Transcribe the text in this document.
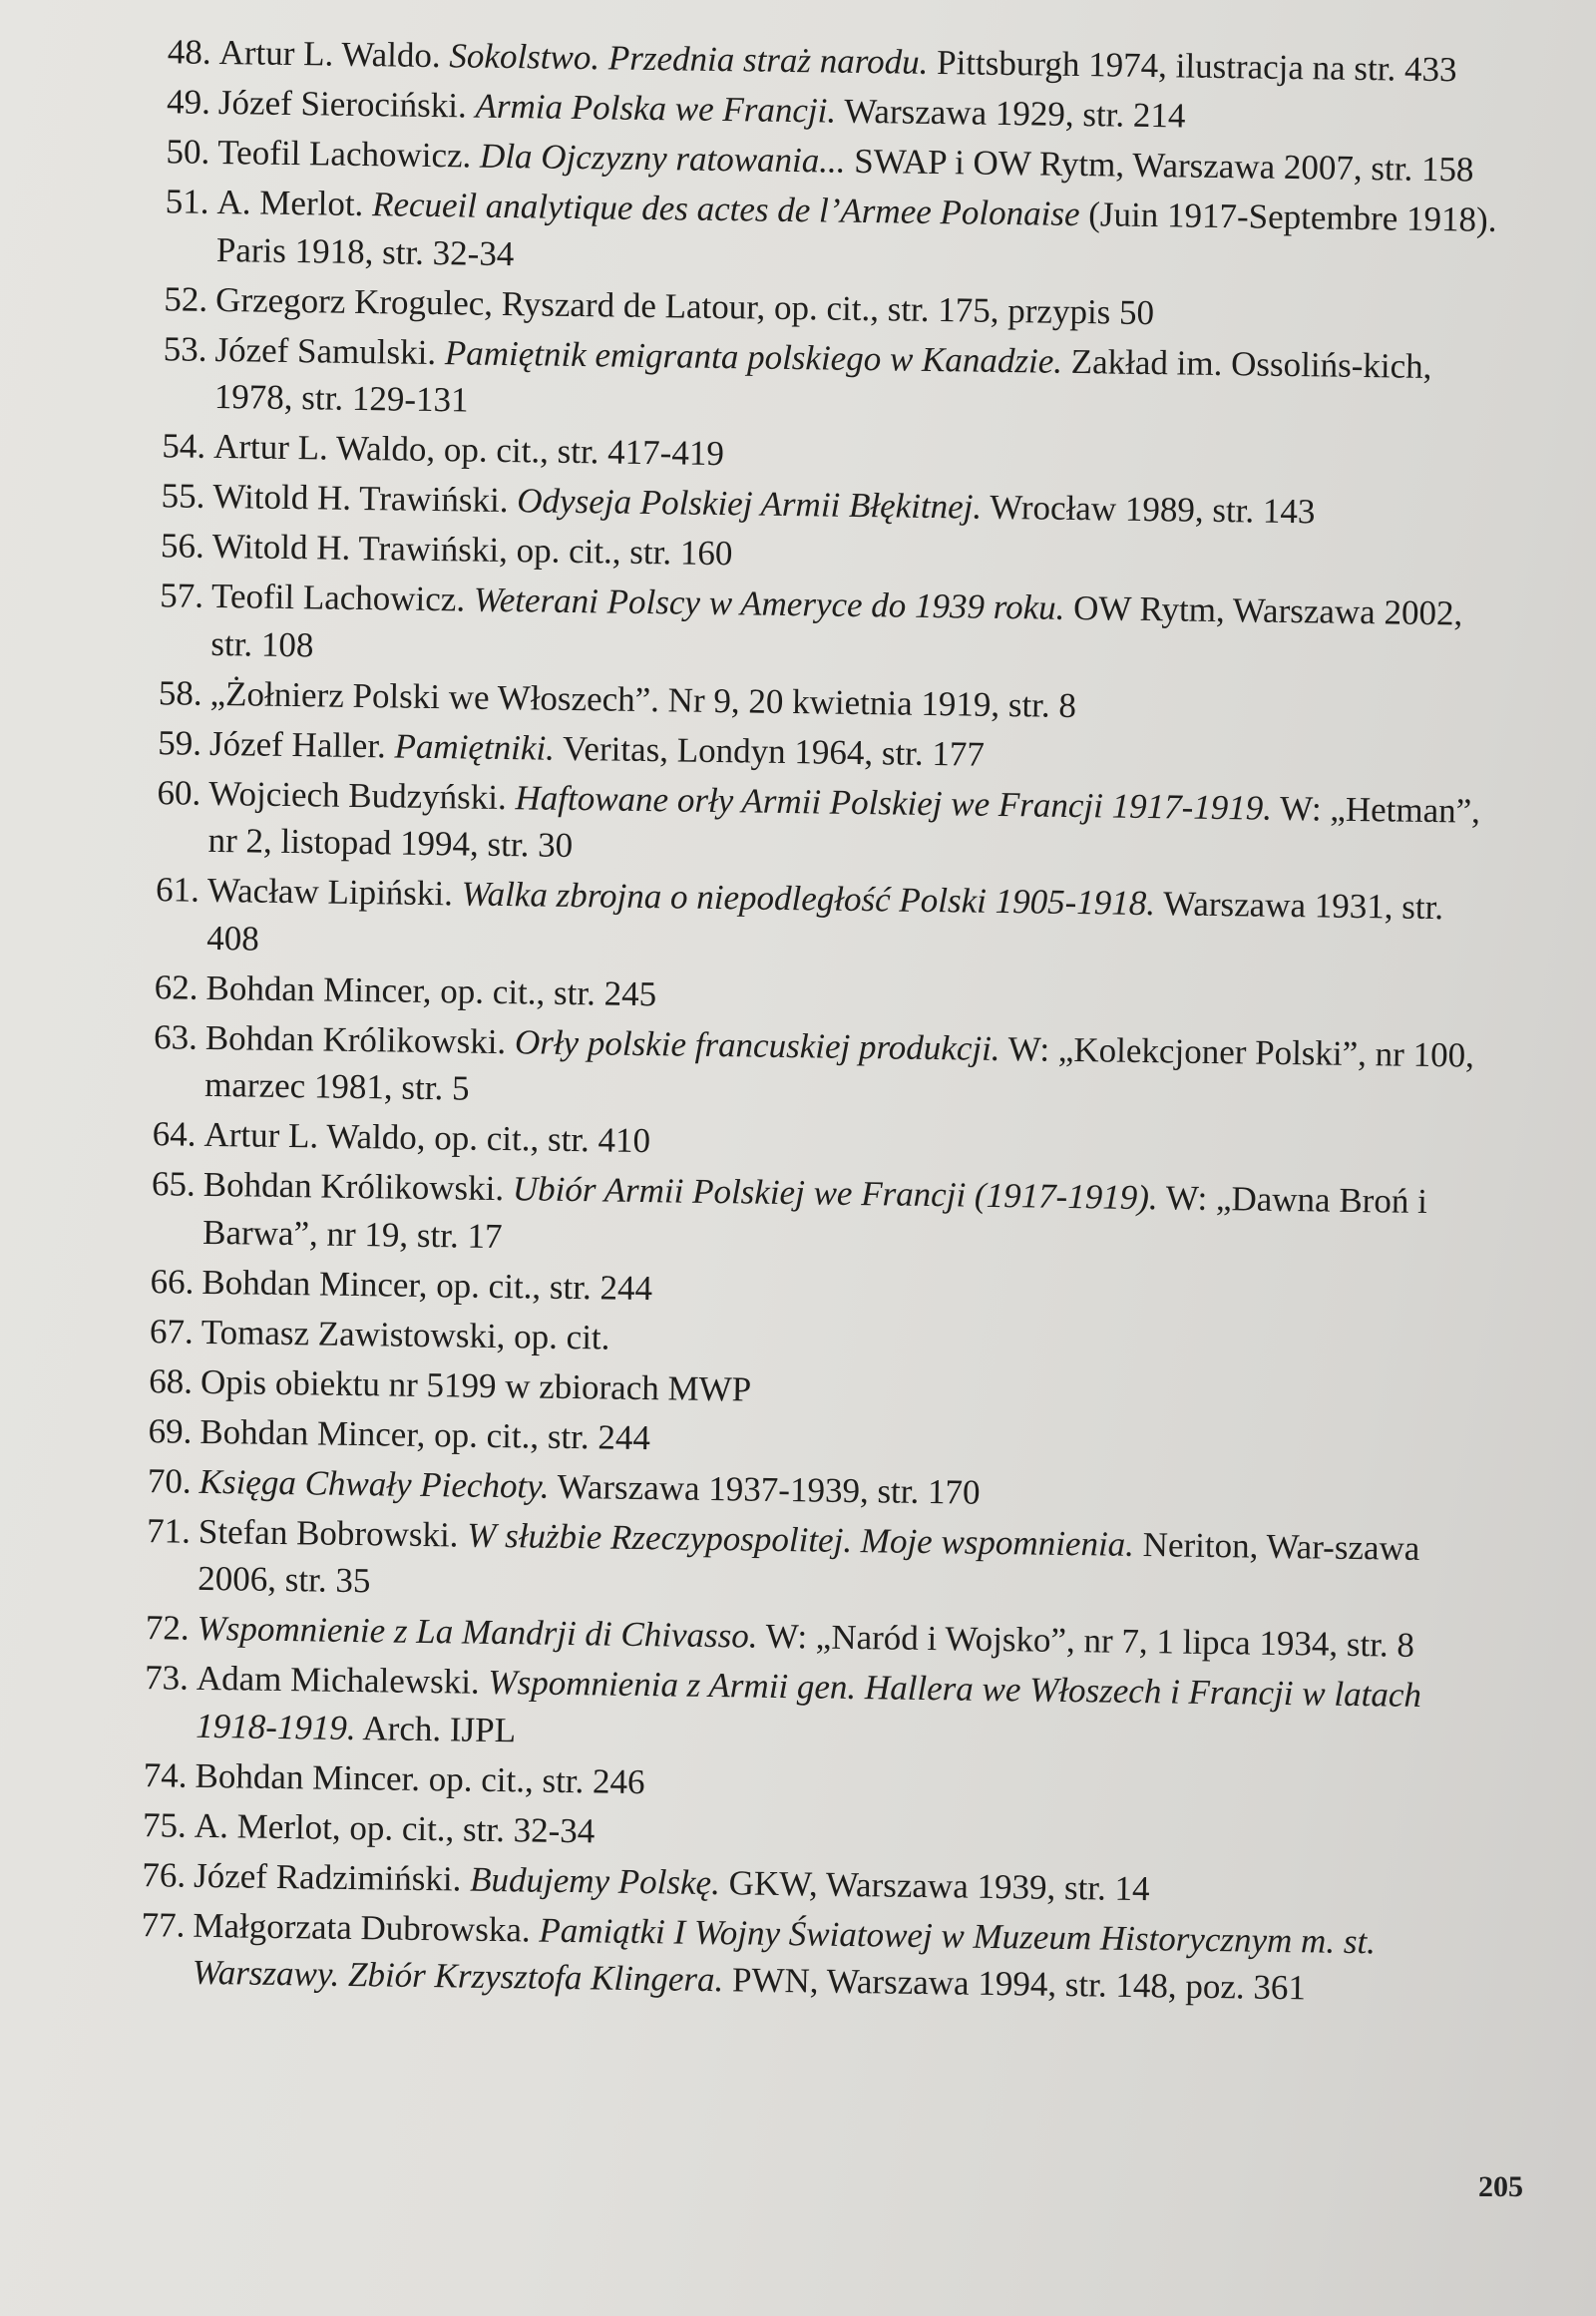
48. Artur L. Waldo. Sokolstwo. Przednia straż narodu. Pittsburgh 1974, ilustracja na str. 433
49. Józef Sierociński. Armia Polska we Francji. Warszawa 1929, str. 214
50. Teofil Lachowicz. Dla Ojczyzny ratowania... SWAP i OW Rytm, Warszawa 2007, str. 158
51. A. Merlot. Recueil analytique des actes de l’Armee Polonaise (Juin 1917-Septembre 1918). Paris 1918, str. 32-34
52. Grzegorz Krogulec, Ryszard de Latour, op. cit., str. 175, przypis 50
53. Józef Samulski. Pamiętnik emigranta polskiego w Kanadzie. Zakład im. Ossolińs-kich, 1978, str. 129-131
54. Artur L. Waldo, op. cit., str. 417-419
55. Witold H. Trawiński. Odyseja Polskiej Armii Błękitnej. Wrocław 1989, str. 143
56. Witold H. Trawiński, op. cit., str. 160
57. Teofil Lachowicz. Weterani Polscy w Ameryce do 1939 roku. OW Rytm, Warszawa 2002, str. 108
58. „Żołnierz Polski we Włoszech”. Nr 9, 20 kwietnia 1919, str. 8
59. Józef Haller. Pamiętniki. Veritas, Londyn 1964, str. 177
60. Wojciech Budzyński. Haftowane orły Armii Polskiej we Francji 1917-1919. W: „Hetman”, nr 2, listopad 1994, str. 30
61. Wacław Lipiński. Walka zbrojna o niepodległość Polski 1905-1918. Warszawa 1931, str. 408
62. Bohdan Mincer, op. cit., str. 245
63. Bohdan Królikowski. Orły polskie francuskiej produkcji. W: „Kolekcjoner Polski”, nr 100, marzec 1981, str. 5
64. Artur L. Waldo, op. cit., str. 410
65. Bohdan Królikowski. Ubiór Armii Polskiej we Francji (1917-1919). W: „Dawna Broń i Barwa”, nr 19, str. 17
66. Bohdan Mincer, op. cit., str. 244
67. Tomasz Zawistowski, op. cit.
68. Opis obiektu nr 5199 w zbiorach MWP
69. Bohdan Mincer, op. cit., str. 244
70. Księga Chwały Piechoty. Warszawa 1937-1939, str. 170
71. Stefan Bobrowski. W służbie Rzeczypospolitej. Moje wspomnienia. Neriton, War-szawa 2006, str. 35
72. Wspomnienie z La Mandrji di Chivasso. W: „Naród i Wojsko”, nr 7, 1 lipca 1934, str. 8
73. Adam Michalewski. Wspomnienia z Armii gen. Hallera we Włoszech i Francji w latach 1918-1919. Arch. IJPL
74. Bohdan Mincer. op. cit., str. 246
75. A. Merlot, op. cit., str. 32-34
76. Józef Radzimiński. Budujemy Polskę. GKW, Warszawa 1939, str. 14
77. Małgorzata Dubrowska. Pamiątki I Wojny Światowej w Muzeum Historycznym m. st. Warszawy. Zbiór Krzysztofa Klingera. PWN, Warszawa 1994, str. 148, poz. 361
205
